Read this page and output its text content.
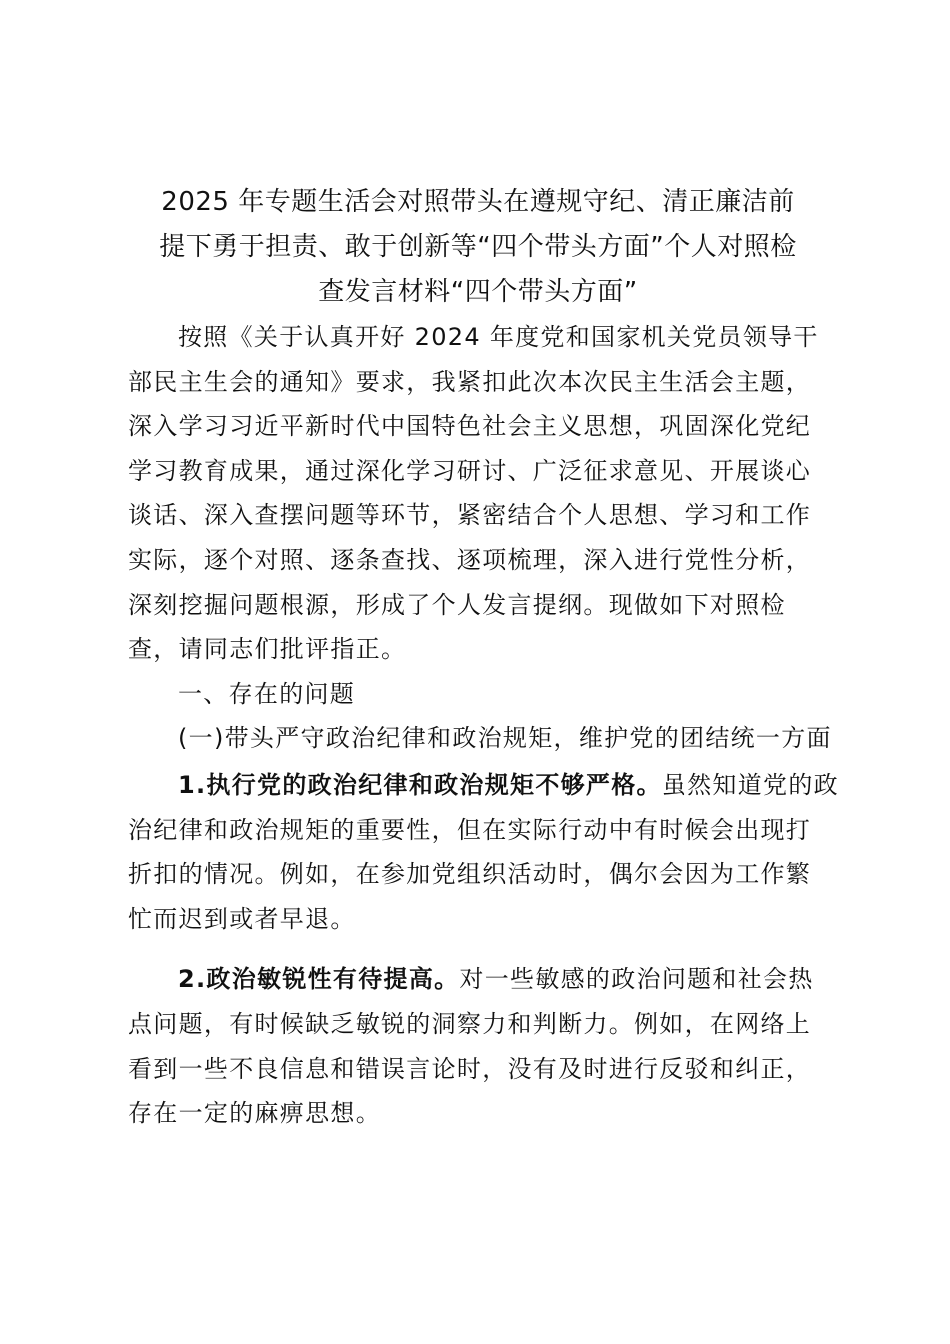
2025 年专题生活会对照带头在遵规守纪、清正廉洁前
提下勇于担责、敢于创新等“四个带头方面”个人对照检
查发言材料“四个带头方面”

按照《关于认真开好 2024 年度党和国家机关党员领导干
部民主生会的通知》要求，我紧扣此次本次民主生活会主题，
深入学习习近平新时代中国特色社会主义思想，巩固深化党纪
学习教育成果，通过深化学习研讨、广泛征求意见、开展谈心
谈话、深入查摆问题等环节，紧密结合个人思想、学习和工作
实际，逐个对照、逐条查找、逐项梳理，深入进行党性分析，
深刻挖掘问题根源，形成了个人发言提纲。现做如下对照检
查，请同志们批评指正。

一、存在的问题

(一)带头严守政治纪律和政治规矩，维护党的团结统一方面

1.执行党的政治纪律和政治规矩不够严格。虽然知道党的政
治纪律和政治规矩的重要性，但在实际行动中有时候会出现打
折扣的情况。例如，在参加党组织活动时，偶尔会因为工作繁
忙而迟到或者早退。

2.政治敏锐性有待提高。对一些敏感的政治问题和社会热
点问题，有时候缺乏敏锐的洞察力和判断力。例如，在网络上
看到一些不良信息和错误言论时，没有及时进行反驳和纠正，
存在一定的麻痹思想。
